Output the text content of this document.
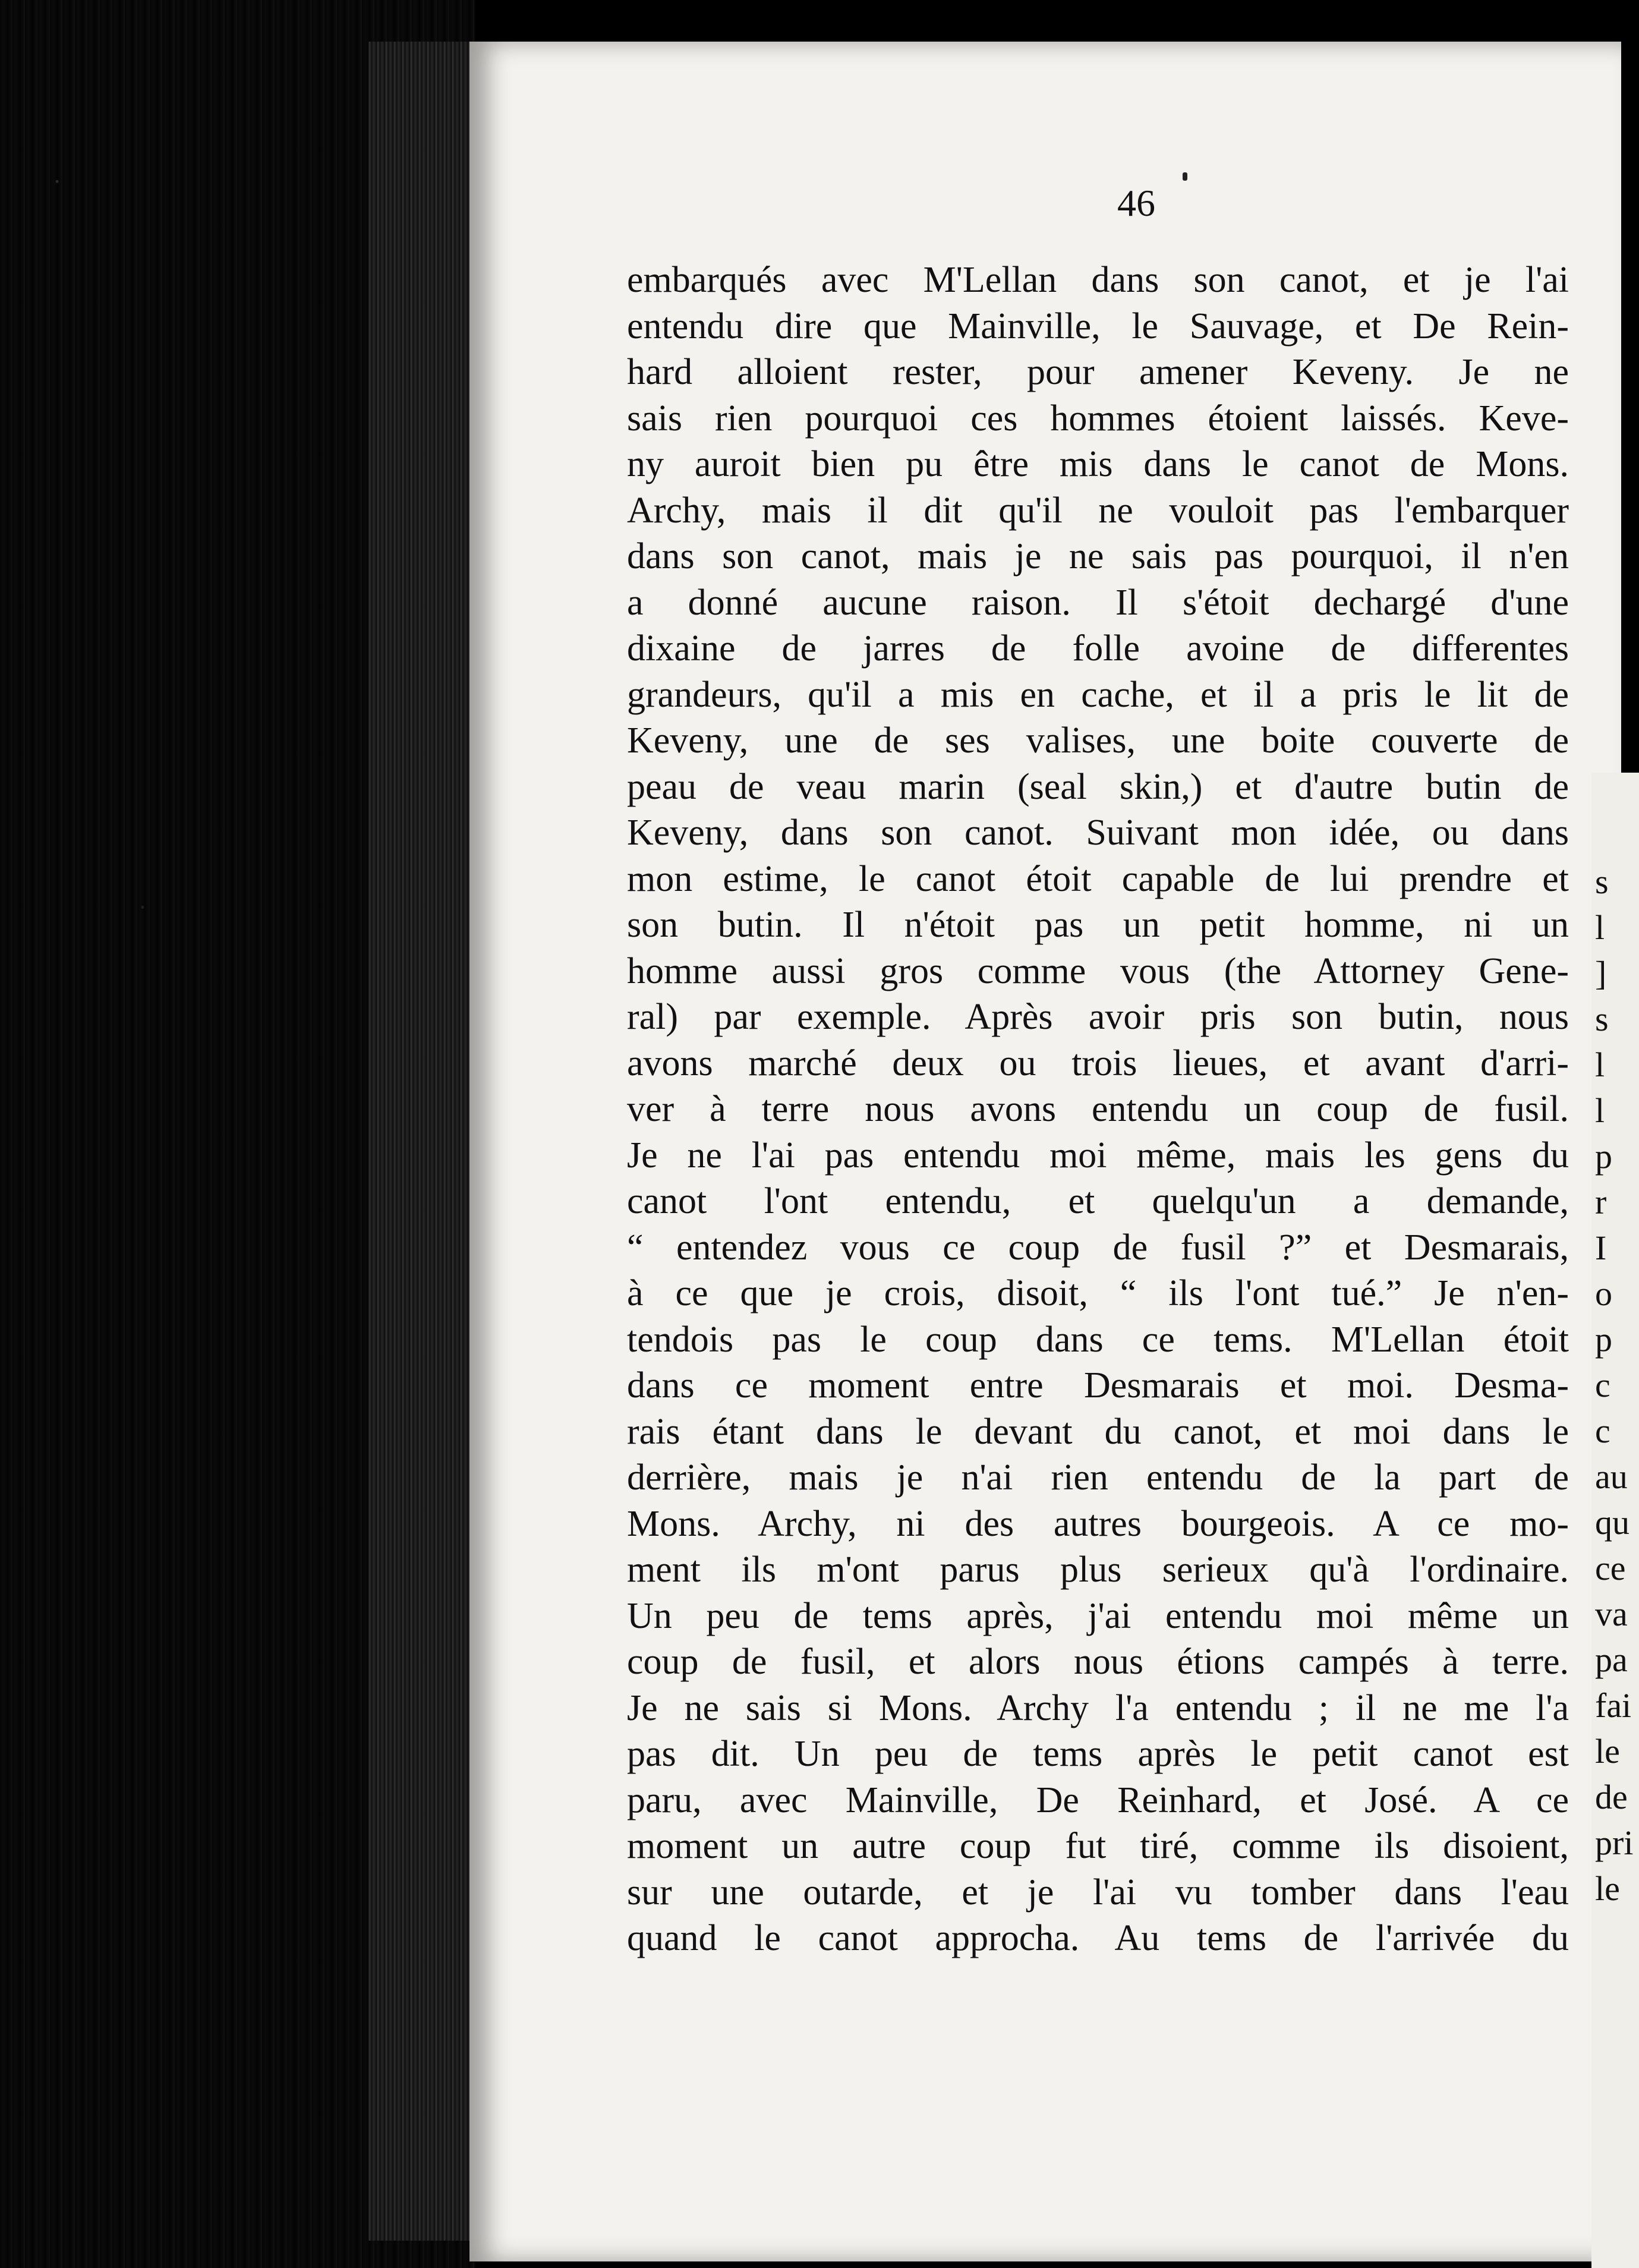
46
embarqués avec M'Lellan dans son canot, et je l'ai
entendu dire que Mainville, le Sauvage, et De Rein-
hard alloient rester, pour amener Keveny. Je ne
sais rien pourquoi ces hommes étoient laissés. Keve-
ny auroit bien pu être mis dans le canot de Mons.
Archy, mais il dit qu'il ne vouloit pas l'embarquer
dans son canot, mais je ne sais pas pourquoi, il n'en
a donné aucune raison. Il s'étoit dechargé d'une
dixaine de jarres de folle avoine de differentes
grandeurs, qu'il a mis en cache, et il a pris le lit de
Keveny, une de ses valises, une boite couverte de
peau de veau marin (seal skin,) et d'autre butin de
Keveny, dans son canot. Suivant mon idée, ou dans
mon estime, le canot étoit capable de lui prendre et
son butin. Il n'étoit pas un petit homme, ni un
homme aussi gros comme vous (the Attorney Gene-
ral) par exemple. Après avoir pris son butin, nous
avons marché deux ou trois lieues, et avant d'arri-
ver à terre nous avons entendu un coup de fusil.
Je ne l'ai pas entendu moi même, mais les gens du
canot l'ont entendu, et quelqu'un a demande,
“ entendez vous ce coup de fusil ?” et Desmarais,
à ce que je crois, disoit, “ ils l'ont tué.” Je n'en-
tendois pas le coup dans ce tems. M'Lellan étoit
dans ce moment entre Desmarais et moi. Desma-
rais étant dans le devant du canot, et moi dans le
derrière, mais je n'ai rien entendu de la part de
Mons. Archy, ni des autres bourgeois. A ce mo-
ment ils m'ont parus plus serieux qu'à l'ordinaire.
Un peu de tems après, j'ai entendu moi même un
coup de fusil, et alors nous étions campés à terre.
Je ne sais si Mons. Archy l'a entendu ; il ne me l'a
pas dit. Un peu de tems après le petit canot est
paru, avec Mainville, De Reinhard, et José. A ce
moment un autre coup fut tiré, comme ils disoient,
sur une outarde, et je l'ai vu tomber dans l'eau
quand le canot approcha. Au tems de l'arrivée du
s
l
]
s
l
l
p
r
I
o
p
c
c
au
qu
ce
va
pa
fai
le
de
pri
le
